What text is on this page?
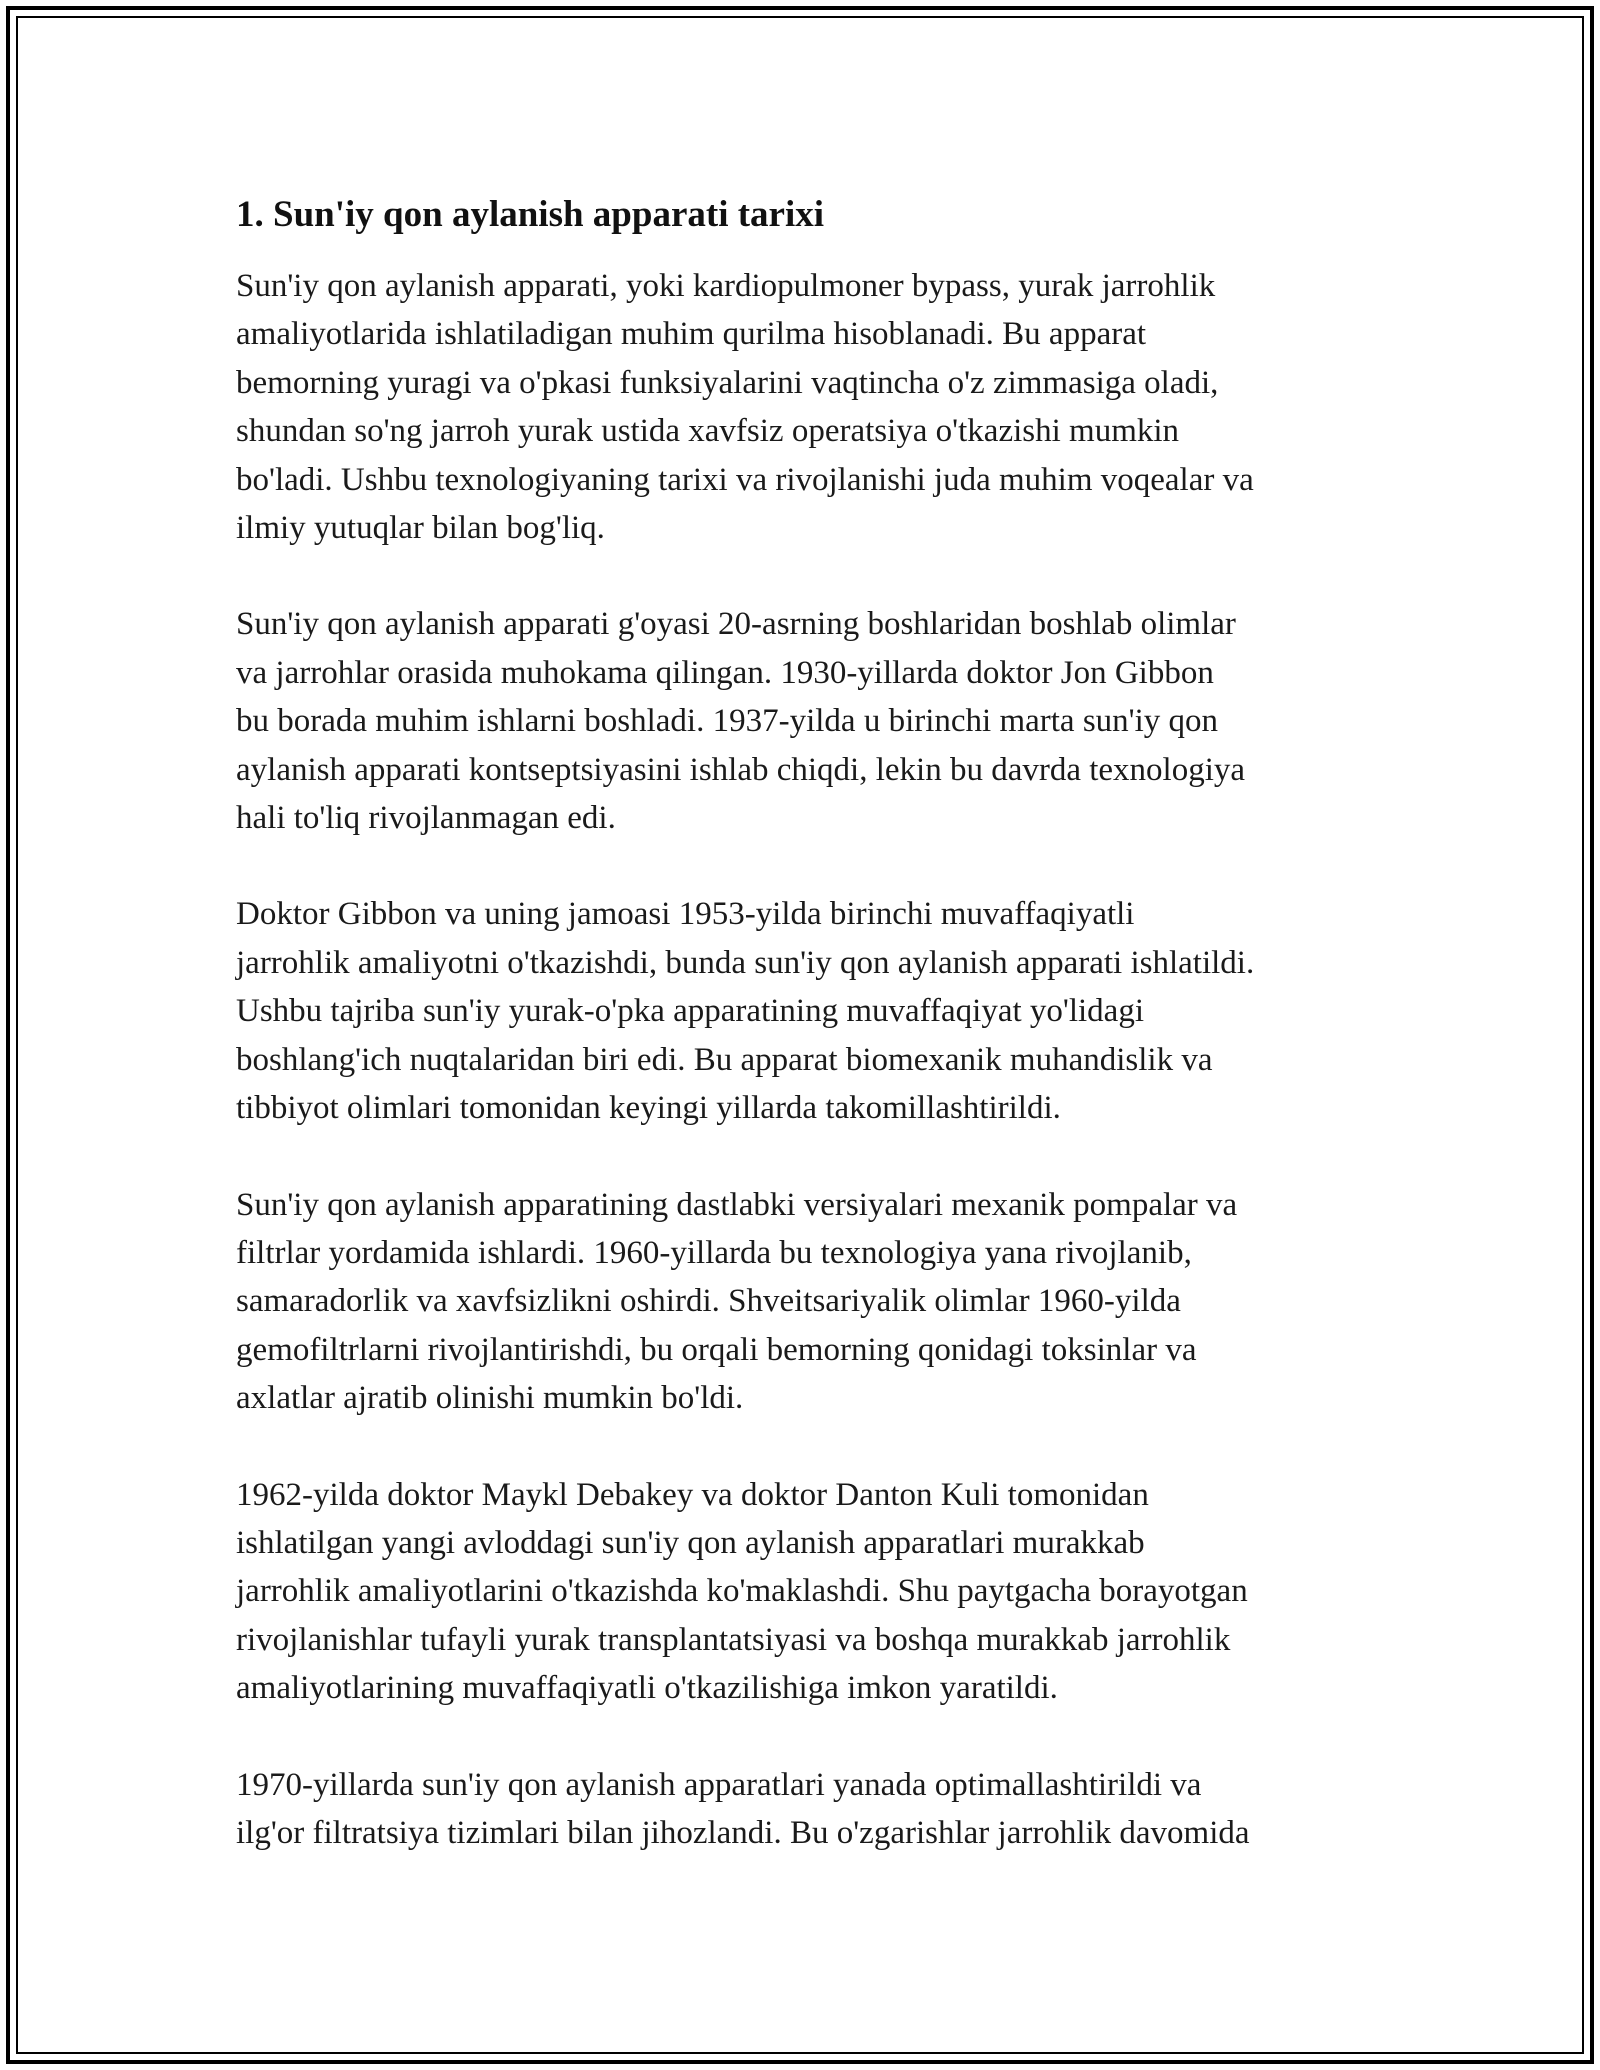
1. Sun'iy qon aylanish apparati tarixi

Sun'iy qon aylanish apparati, yoki kardiopulmoner bypass, yurak jarrohlik
amaliyotlarida ishlatiladigan muhim qurilma hisoblanadi. Bu apparat
bemorning yuragi va o'pkasi funksiyalarini vaqtincha o'z zimmasiga oladi,
shundan so'ng jarroh yurak ustida xavfsiz operatsiya o'tkazishi mumkin
bo'ladi. Ushbu texnologiyaning tarixi va rivojlanishi juda muhim voqealar va
ilmiy yutuqlar bilan bog'liq.

Sun'iy qon aylanish apparati g'oyasi 20-asrning boshlaridan boshlab olimlar
va jarrohlar orasida muhokama qilingan. 1930-yillarda doktor Jon Gibbon
bu borada muhim ishlarni boshladi. 1937-yilda u birinchi marta sun'iy qon
aylanish apparati kontseptsiyasini ishlab chiqdi, lekin bu davrda texnologiya
hali to'liq rivojlanmagan edi.

Doktor Gibbon va uning jamoasi 1953-yilda birinchi muvaffaqiyatli
jarrohlik amaliyotni o'tkazishdi, bunda sun'iy qon aylanish apparati ishlatildi.
Ushbu tajriba sun'iy yurak-o'pka apparatining muvaffaqiyat yo'lidagi
boshlang'ich nuqtalaridan biri edi. Bu apparat biomexanik muhandislik va
tibbiyot olimlari tomonidan keyingi yillarda takomillashtirildi.

Sun'iy qon aylanish apparatining dastlabki versiyalari mexanik pompalar va
filtrlar yordamida ishlardi. 1960-yillarda bu texnologiya yana rivojlanib,
samaradorlik va xavfsizlikni oshirdi. Shveitsariyalik olimlar 1960-yilda
gemofiltrlarni rivojlantirishdi, bu orqali bemorning qonidagi toksinlar va
axlatlar ajratib olinishi mumkin bo'ldi.

1962-yilda doktor Maykl Debakey va doktor Danton Kuli tomonidan
ishlatilgan yangi avloddagi sun'iy qon aylanish apparatlari murakkab
jarrohlik amaliyotlarini o'tkazishda ko'maklashdi. Shu paytgacha borayotgan
rivojlanishlar tufayli yurak transplantatsiyasi va boshqa murakkab jarrohlik
amaliyotlarining muvaffaqiyatli o'tkazilishiga imkon yaratildi.

1970-yillarda sun'iy qon aylanish apparatlari yanada optimallashtirildi va
ilg'or filtratsiya tizimlari bilan jihozlandi. Bu o'zgarishlar jarrohlik davomida
